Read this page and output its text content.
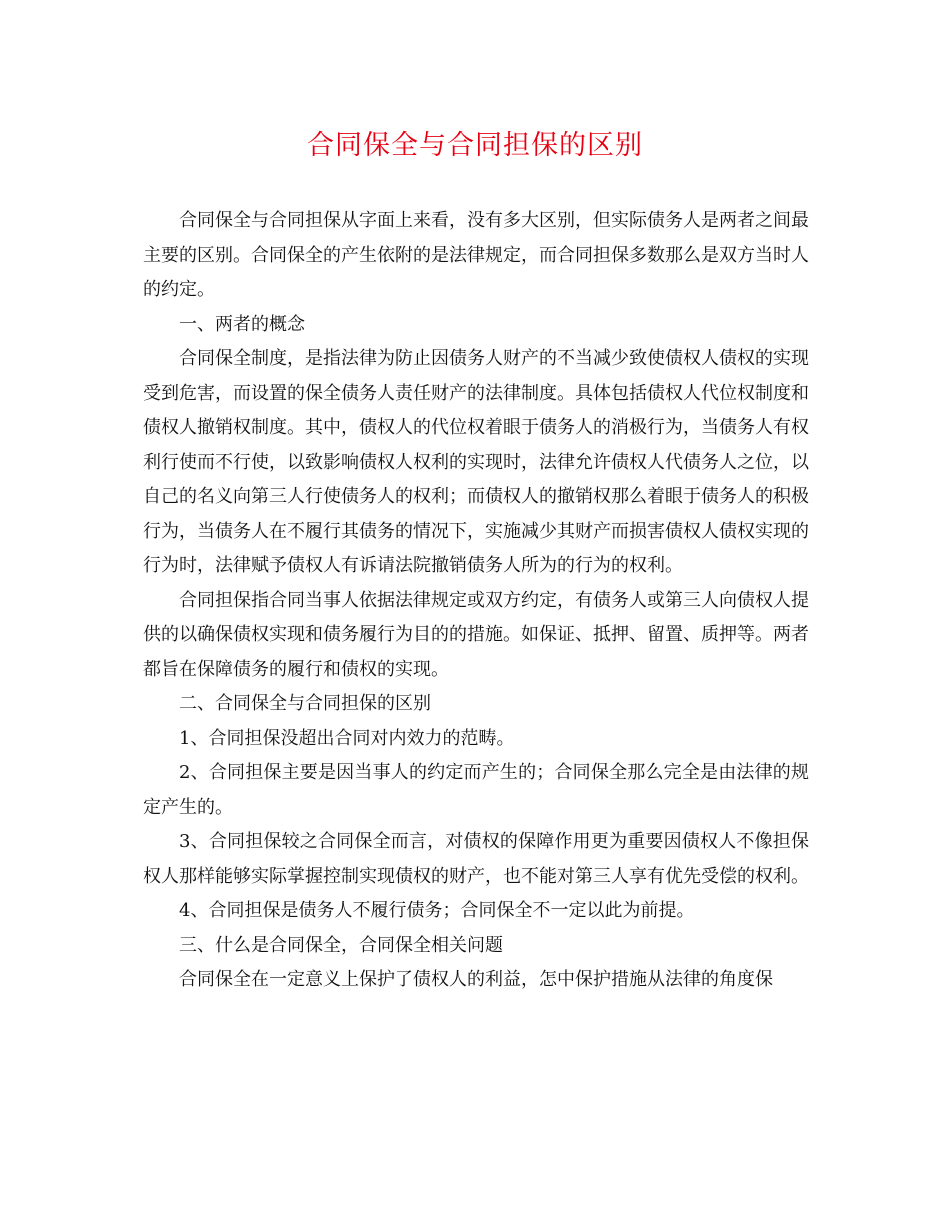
合同保全与合同担保的区别

合同保全与合同担保从字面上来看，没有多大区别，但实际债务人是两者之间最主要的区别。合同保全的产生依附的是法律规定，而合同担保多数那么是双方当时人的约定。

一、两者的概念

合同保全制度，是指法律为防止因债务人财产的不当减少致使债权人债权的实现受到危害，而设置的保全债务人责任财产的法律制度。具体包括债权人代位权制度和债权人撤销权制度。其中，债权人的代位权着眼于债务人的消极行为，当债务人有权利行使而不行使，以致影响债权人权利的实现时，法律允许债权人代债务人之位，以自己的名义向第三人行使债务人的权利；而债权人的撤销权那么着眼于债务人的积极行为，当债务人在不履行其债务的情况下，实施减少其财产而损害债权人债权实现的行为时，法律赋予债权人有诉请法院撤销债务人所为的行为的权利。

合同担保指合同当事人依据法律规定或双方约定，有债务人或第三人向债权人提供的以确保债权实现和债务履行为目的的措施。如保证、抵押、留置、质押等。两者都旨在保障债务的履行和债权的实现。

二、合同保全与合同担保的区别

1、合同担保没超出合同对内效力的范畴。

2、合同担保主要是因当事人的约定而产生的；合同保全那么完全是由法律的规定产生的。

3、合同担保较之合同保全而言，对债权的保障作用更为重要因债权人不像担保权人那样能够实际掌握控制实现债权的财产，也不能对第三人享有优先受偿的权利。

4、合同担保是债务人不履行债务；合同保全不一定以此为前提。

三、什么是合同保全，合同保全相关问题

合同保全在一定意义上保护了债权人的利益，怎中保护措施从法律的角度保
